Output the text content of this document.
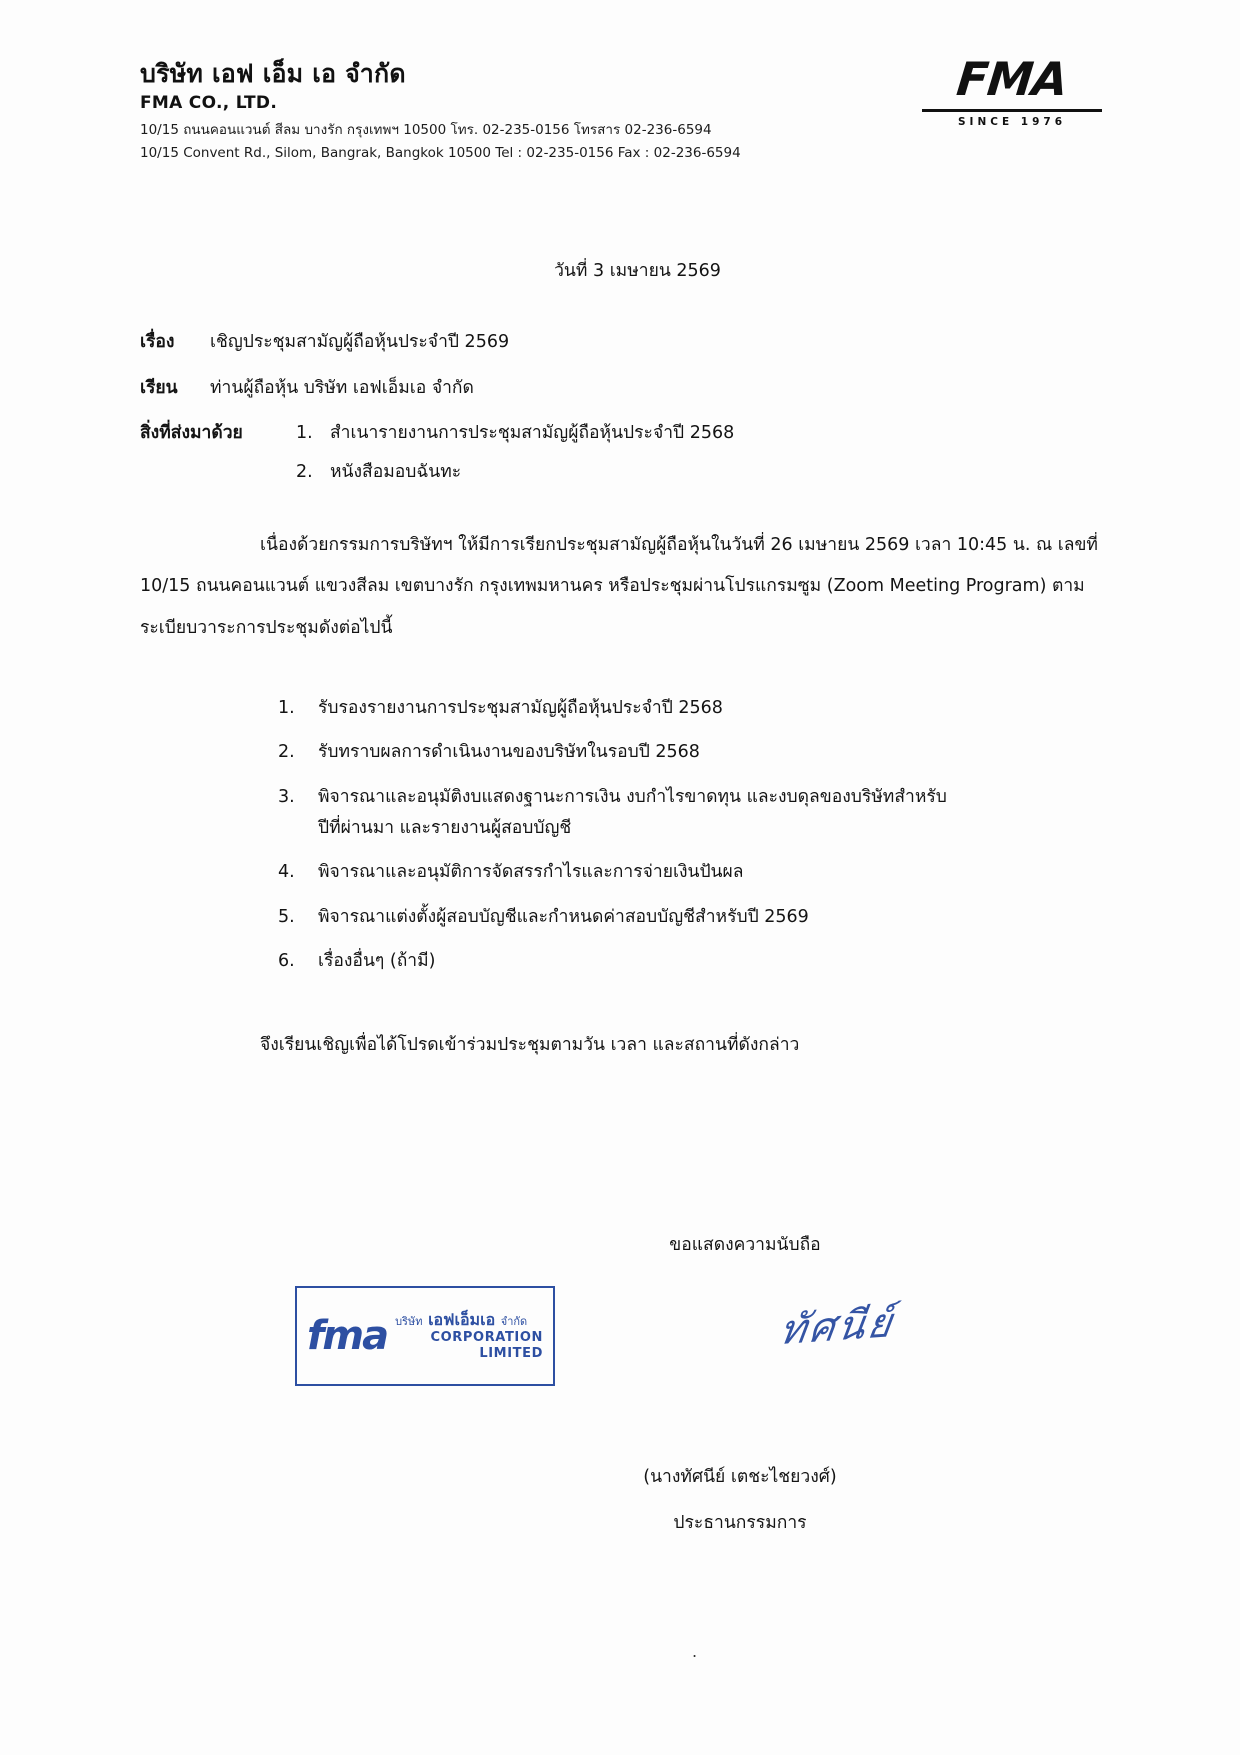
บริษัท เอฟ เอ็ม เอ จำกัด
FMA CO., LTD.
10/15 ถนนคอนแวนต์ สีลม บางรัก กรุงเทพฯ 10500 โทร. 02-235-0156 โทรสาร 02-236-6594
10/15 Convent Rd., Silom, Bangrak, Bangkok 10500 Tel : 02-235-0156 Fax : 02-236-6594
FMA
SINCE 1976
วันที่ 3 เมษายน 2569
เรื่อง	เชิญประชุมสามัญผู้ถือหุ้นประจำปี 2569
เรียน	ท่านผู้ถือหุ้น บริษัท เอฟเอ็มเอ จำกัด
สิ่งที่ส่งมาด้วย	1. สำเนารายงานการประชุมสามัญผู้ถือหุ้นประจำปี 2568
2. หนังสือมอบฉันทะ

เนื่องด้วยกรรมการบริษัทฯ ให้มีการเรียกประชุมสามัญผู้ถือหุ้นในวันที่ 26 เมษายน 2569 เวลา 10:45 น. ณ เลขที่ 10/15 ถนนคอนแวนต์ แขวงสีลม เขตบางรัก กรุงเทพมหานคร หรือประชุมผ่านโปรแกรมซูม (Zoom Meeting Program) ตามระเบียบวาระการประชุมดังต่อไปนี้

1.	รับรองรายงานการประชุมสามัญผู้ถือหุ้นประจำปี 2568
2.	รับทราบผลการดำเนินงานของบริษัทในรอบปี 2568
3.	พิจารณาและอนุมัติงบแสดงฐานะการเงิน งบกำไรขาดทุน และงบดุลของบริษัทสำหรับ
ปีที่ผ่านมา และรายงานผู้สอบบัญชี
4.	พิจารณาและอนุมัติการจัดสรรกำไรและการจ่ายเงินปันผล
5.	พิจารณาแต่งตั้งผู้สอบบัญชีและกำหนดค่าสอบบัญชีสำหรับปี 2569
6.	เรื่องอื่นๆ (ถ้ามี)

จึงเรียนเชิญเพื่อได้โปรดเข้าร่วมประชุมตามวัน เวลา และสถานที่ดังกล่าว

ขอแสดงความนับถือ
fma บริษัท เอฟเอ็มเอ จำกัด
CORPORATION
LIMITED	ทัศนีย์
(นางทัศนีย์ เตชะไชยวงศ์)
ประธานกรรมการ
.
